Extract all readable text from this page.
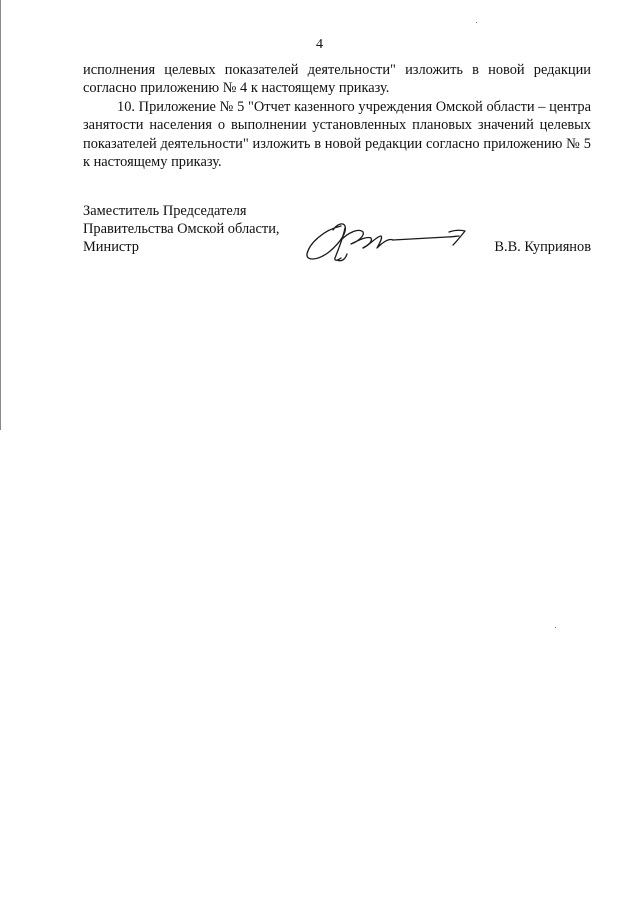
4

исполнения целевых показателей деятельности" изложить в новой редакции согласно приложению № 4 к настоящему приказу.

10. Приложение № 5 "Отчет казенного учреждения Омской области – центра занятости населения о выполнении установленных плановых значений целевых показателей деятельности" изложить в новой редакции согласно приложению № 5 к настоящему приказу.

Заместитель Председателя
Правительства Омской области,
Министр	В.В. Куприянов
